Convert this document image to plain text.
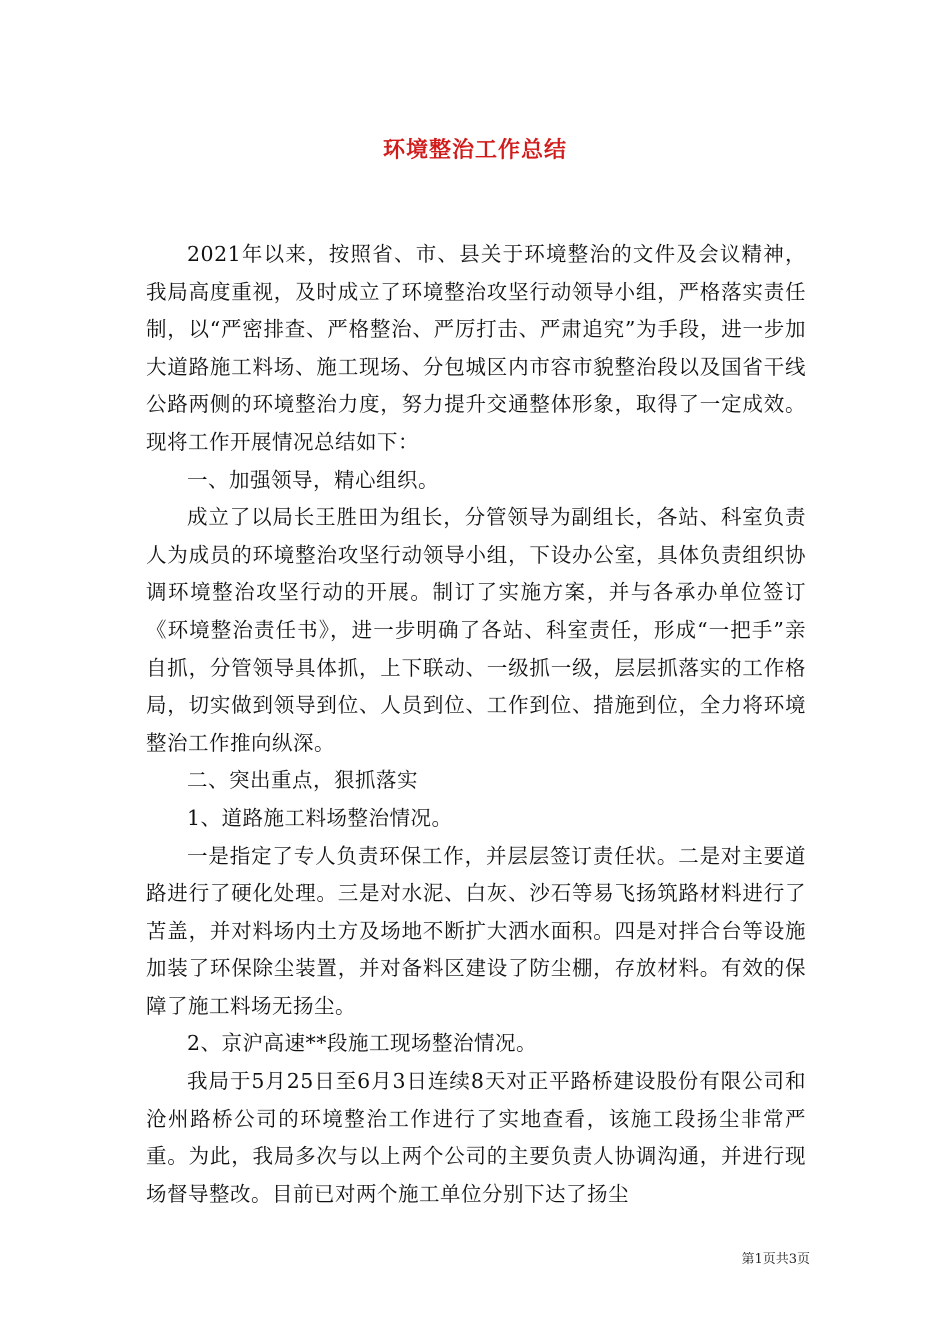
环境整治工作总结

2021年以来，按照省、市、县关于环境整治的文件及会议精神，我局高度重视，及时成立了环境整治攻坚行动领导小组，严格落实责任制，以“严密排查、严格整治、严厉打击、严肃追究”为手段，进一步加大道路施工料场、施工现场、分包城区内市容市貌整治段以及国省干线公路两侧的环境整治力度，努力提升交通整体形象，取得了一定成效。现将工作开展情况总结如下：

一、加强领导，精心组织。

成立了以局长王胜田为组长，分管领导为副组长，各站、科室负责人为成员的环境整治攻坚行动领导小组，下设办公室，具体负责组织协调环境整治攻坚行动的开展。制订了实施方案，并与各承办单位签订《环境整治责任书》，进一步明确了各站、科室责任，形成“一把手”亲自抓，分管领导具体抓，上下联动、一级抓一级，层层抓落实的工作格局，切实做到领导到位、人员到位、工作到位、措施到位，全力将环境整治工作推向纵深。

二、突出重点，狠抓落实

1、道路施工料场整治情况。

一是指定了专人负责环保工作，并层层签订责任状。二是对主要道路进行了硬化处理。三是对水泥、白灰、沙石等易飞扬筑路材料进行了苫盖，并对料场内土方及场地不断扩大洒水面积。四是对拌合台等设施加装了环保除尘装置，并对备料区建设了防尘棚，存放材料。有效的保障了施工料场无扬尘。

2、京沪高速**段施工现场整治情况。

我局于5月25日至6月3日连续8天对正平路桥建设股份有限公司和沧州路桥公司的环境整治工作进行了实地查看，该施工段扬尘非常严重。为此，我局多次与以上两个公司的主要负责人协调沟通，并进行现场督导整改。目前已对两个施工单位分别下达了扬尘

第1页共3页
